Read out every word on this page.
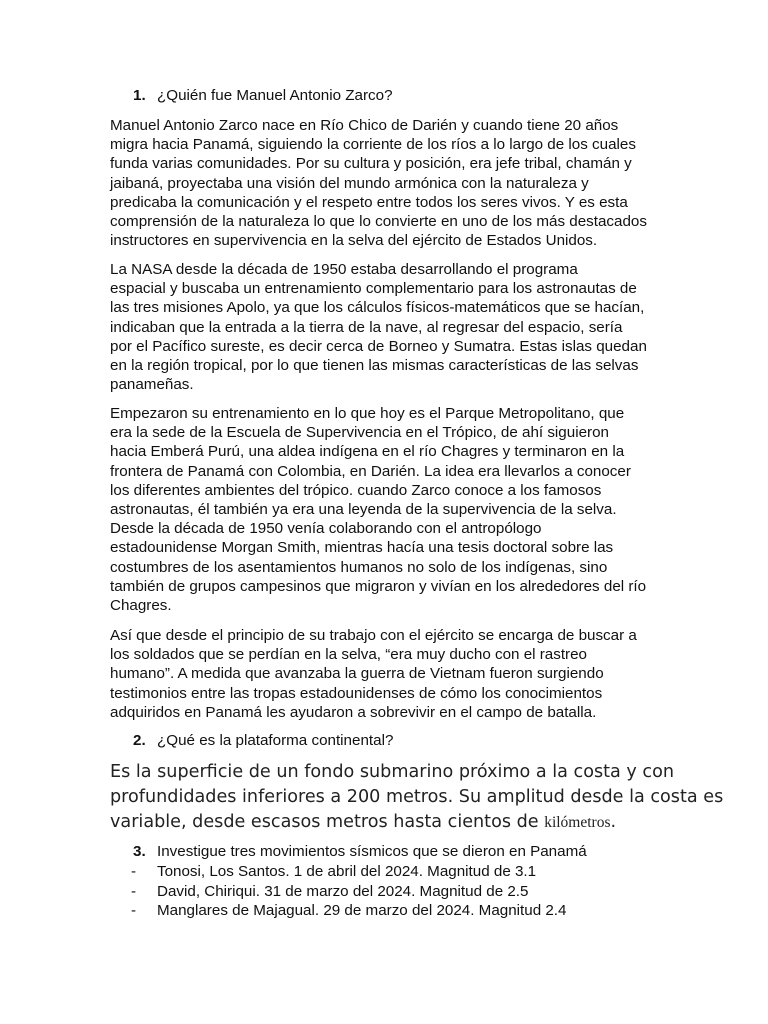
1. ¿Quién fue Manuel Antonio Zarco?
Manuel Antonio Zarco nace en Río Chico de Darién y cuando tiene 20 años
migra hacia Panamá, siguiendo la corriente de los ríos a lo largo de los cuales
funda varias comunidades. Por su cultura y posición, era jefe tribal, chamán y
jaibaná, proyectaba una visión del mundo armónica con la naturaleza y
predicaba la comunicación y el respeto entre todos los seres vivos. Y es esta
comprensión de la naturaleza lo que lo convierte en uno de los más destacados
instructores en supervivencia en la selva del ejército de Estados Unidos.
La NASA desde la década de 1950 estaba desarrollando el programa
espacial y buscaba un entrenamiento complementario para los astronautas de
las tres misiones Apolo, ya que los cálculos físicos-matemáticos que se hacían,
indicaban que la entrada a la tierra de la nave, al regresar del espacio, sería
por el Pacífico sureste, es decir cerca de Borneo y Sumatra. Estas islas quedan
en la región tropical, por lo que tienen las mismas características de las selvas
panameñas.
Empezaron su entrenamiento en lo que hoy es el Parque Metropolitano, que
era la sede de la Escuela de Supervivencia en el Trópico, de ahí siguieron
hacia Emberá Purú, una aldea indígena en el río Chagres y terminaron en la
frontera de Panamá con Colombia, en Darién. La idea era llevarlos a conocer
los diferentes ambientes del trópico. cuando Zarco conoce a los famosos
astronautas, él también ya era una leyenda de la supervivencia de la selva.
Desde la década de 1950 venía colaborando con el antropólogo
estadounidense Morgan Smith, mientras hacía una tesis doctoral sobre las
costumbres de los asentamientos humanos no solo de los indígenas, sino
también de grupos campesinos que migraron y vivían en los alrededores del río
Chagres.
Así que desde el principio de su trabajo con el ejército se encarga de buscar a
los soldados que se perdían en la selva, “era muy ducho con el rastreo
humano”. A medida que avanzaba la guerra de Vietnam fueron surgiendo
testimonios entre las tropas estadounidenses de cómo los conocimientos
adquiridos en Panamá les ayudaron a sobrevivir en el campo de batalla.
2. ¿Qué es la plataforma continental?
Es la superficie de un fondo submarino próximo a la costa y con
profundidades inferiores a 200 metros. Su amplitud desde la costa es
variable, desde escasos metros hasta cientos de kilómetros.
3. Investigue tres movimientos sísmicos que se dieron en Panamá
- Tonosi, Los Santos. 1 de abril del 2024. Magnitud de 3.1
- David, Chiriqui. 31 de marzo del 2024. Magnitud de 2.5
- Manglares de Majagual. 29 de marzo del 2024. Magnitud 2.4
